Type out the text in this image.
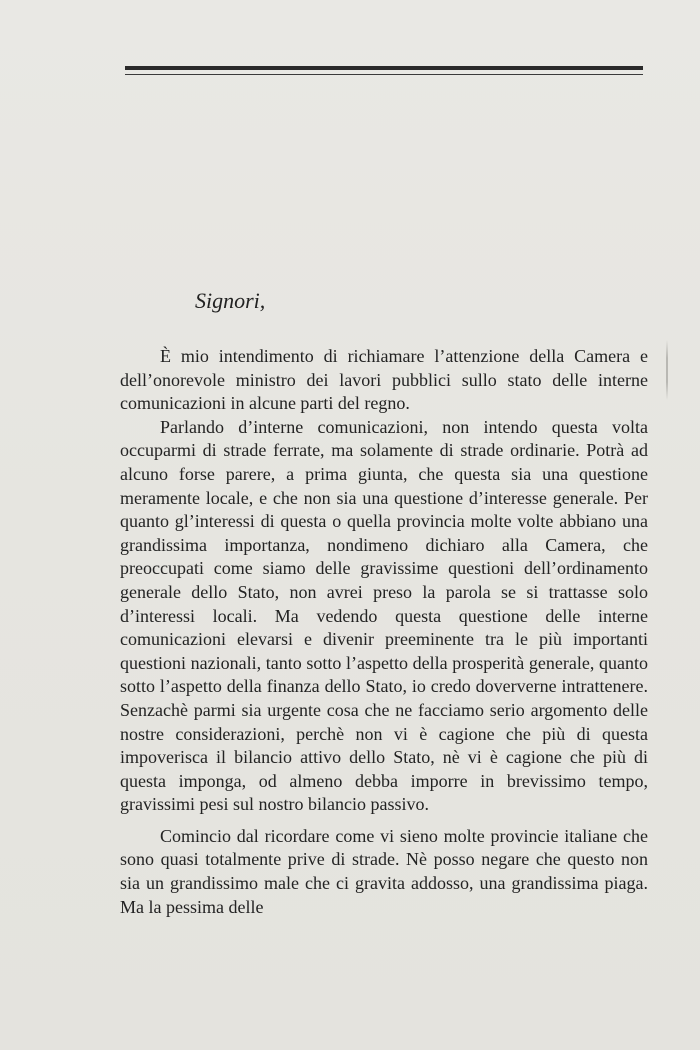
Signori,

È mio intendimento di richiamare l’attenzione della Camera e dell’onorevole ministro dei lavori pubblici sullo stato delle interne comunicazioni in alcune parti del regno.

Parlando d’interne comunicazioni, non intendo questa volta occuparmi di strade ferrate, ma solamente di strade ordinarie. Potrà ad alcuno forse parere, a prima giunta, che questa sia una questione meramente locale, e che non sia una questione d’interesse generale. Per quanto gl’interessi di questa o quella provincia molte volte abbiano una grandissima importanza, nondimeno dichiaro alla Camera, che preoccupati come siamo delle gravissime questioni dell’ordinamento generale dello Stato, non avrei preso la parola se si trattasse solo d’interessi locali. Ma vedendo questa questione delle interne comunicazioni elevarsi e divenir preeminente tra le più importanti questioni nazionali, tanto sotto l’aspetto della prosperità generale, quanto sotto l’aspetto della finanza dello Stato, io credo doververne intrattenere. Senzachè parmi sia urgente cosa che ne facciamo serio argomento delle nostre considerazioni, perchè non vi è cagione che più di questa impoverisca il bilancio attivo dello Stato, nè vi è cagione che più di questa imponga, od almeno debba imporre in brevissimo tempo, gravissimi pesi sul nostro bilancio passivo.

Comincio dal ricordare come vi sieno molte provincie italiane che sono quasi totalmente prive di strade. Nè posso negare che questo non sia un grandissimo male che ci gravita addosso, una grandissima piaga. Ma la pessima delle
